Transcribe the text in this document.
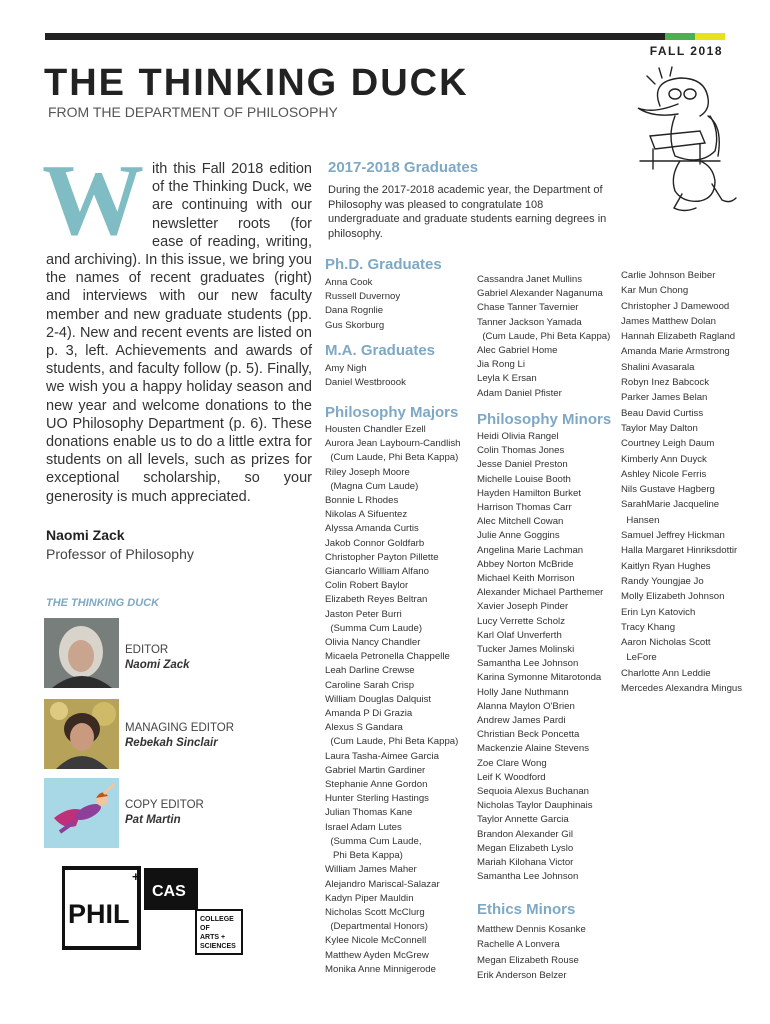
FALL 2018
THE THINKING DUCK
FROM THE DEPARTMENT OF PHILOSOPHY
W ith this Fall 2018 edition of the Thinking Duck, we are continuing with our newsletter roots (for ease of reading, writing, and archiving). In this issue, we bring you the names of recent graduates (right) and interviews with our new faculty member and new graduate students (pp. 2-4). New and recent events are listed on p. 3, left. Achievements and awards of students, and faculty follow (p. 5). Finally, we wish you a happy holiday season and new year and welcome donations to the UO Philosophy Department (p. 6). These donations enable us to do a little extra for students on all levels, such as prizes for exceptional scholarship, so your generosity is much appreciated.
Naomi Zack
Professor of Philosophy
THE THINKING DUCK
EDITOR
Naomi Zack
MANAGING EDITOR
Rebekah Sinclair
COPY EDITOR
Pat Martin
PHIL
+
CAS
COLLEGE
OF
ARTS +
SCIENCES
2017-2018 Graduates
During the 2017-2018 academic year, the Department of Philosophy was pleased to congratulate 108 undergraduate and graduate students earning degrees in philosophy.
Ph.D. Graduates
Anna Cook
Russell Duvernoy
Dana Rognlie
Gus Skorburg
M.A. Graduates
Amy Nigh
Daniel Westbroook
Philosophy Majors
Housten Chandler Ezell
Aurora Jean Laybourn-Candlish
(Cum Laude, Phi Beta Kappa)
Riley Joseph Moore
(Magna Cum Laude)
Bonnie L Rhodes
Nikolas A Sifuentez
Alyssa Amanda Curtis
Jakob Connor Goldfarb
Christopher Payton Pillette
Giancarlo William Alfano
Colin Robert Baylor
Elizabeth Reyes Beltran
Jaston Peter Burri
(Summa Cum Laude)
Olivia Nancy Chandler
Micaela Petronella Chappelle
Leah Darline Crewse
Caroline Sarah Crisp
William Douglas Dalquist
Amanda P Di Grazia
Alexus S Gandara
(Cum Laude, Phi Beta Kappa)
Laura Tasha-Aimee Garcia
Gabriel Martin Gardiner
Stephanie Anne Gordon
Hunter Sterling Hastings
Julian Thomas Kane
Israel Adam Lutes
(Summa Cum Laude,
Phi Beta Kappa)
William James Maher
Alejandro Mariscal-Salazar
Kadyn Piper Mauldin
Nicholas Scott McClurg
(Departmental Honors)
Kylee Nicole McConnell
Matthew Ayden McGrew
Monika Anne Minnigerode
Cassandra Janet Mullins
Gabriel Alexander Naganuma
Chase Tanner Tavernier
Tanner Jackson Yamada
(Cum Laude, Phi Beta Kappa)
Alec Gabriel Home
Jia Rong Li
Leyla K Ersan
Adam Daniel Pfister
Philosophy Minors
Heidi Olivia Rangel
Colin Thomas Jones
Jesse Daniel Preston
Michelle Louise Booth
Hayden Hamilton Burket
Harrison Thomas Carr
Alec Mitchell Cowan
Julie Anne Goggins
Angelina Marie Lachman
Abbey Norton McBride
Michael Keith Morrison
Alexander Michael Parthemer
Xavier Joseph Pinder
Lucy Verrette Scholz
Karl Olaf Unverferth
Tucker James Molinski
Samantha Lee Johnson
Karina Symonne Mitarotonda
Holly Jane Nuthmann
Alanna Maylon O'Brien
Andrew James Pardi
Christian Beck Poncetta
Mackenzie Alaine Stevens
Zoe Clare Wong
Leif K Woodford
Sequoia Alexus Buchanan
Nicholas Taylor Dauphinais
Taylor Annette Garcia
Brandon Alexander Gil
Megan Elizabeth Lyslo
Mariah Kilohana Victor
Samantha Lee Johnson
Carlie Johnson Beiber
Kar Mun Chong
Christopher J Damewood
James Matthew Dolan
Hannah Elizabeth Ragland
Amanda Marie Armstrong
Shalini Avasarala
Robyn Inez Babcock
Parker James Belan
Beau David Curtiss
Taylor May Dalton
Courtney Leigh Daum
Kimberly Ann Duyck
Ashley Nicole Ferris
Nils Gustave Hagberg
SarahMarie Jacqueline
Hansen
Samuel Jeffrey Hickman
Halla Margaret Hinriksdottir
Kaitlyn Ryan Hughes
Randy Youngjae Jo
Molly Elizabeth Johnson
Erin Lyn Katovich
Tracy Khang
Aaron Nicholas Scott
LeFore
Charlotte Ann Leddie
Mercedes Alexandra Mingus
Ethics Minors
Matthew Dennis Kosanke
Rachelle A Lonvera
Megan Elizabeth Rouse
Erik Anderson Belzer
